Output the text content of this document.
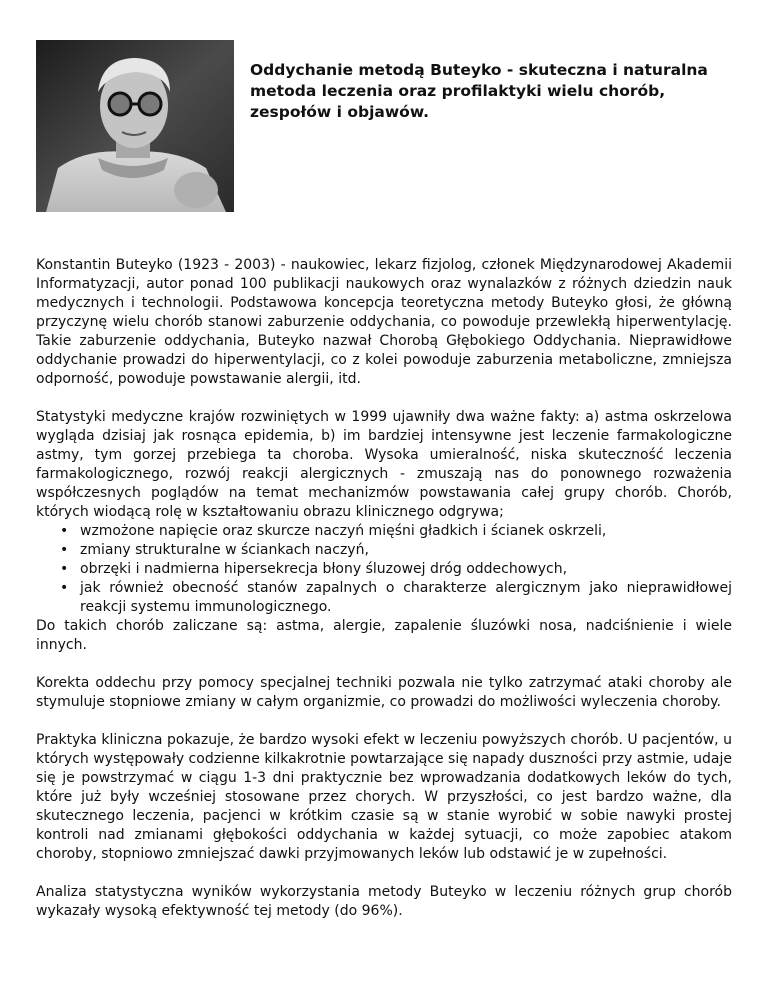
Oddychanie metodą Buteyko - skuteczna i naturalna metoda leczenia oraz profilaktyki wielu chorób, zespołów i objawów.

Konstantin Buteyko (1923 - 2003) - naukowiec, lekarz fizjolog, członek Międzynarodowej Akademii Informatyzacji, autor ponad 100 publikacji naukowych oraz wynalazków z różnych dziedzin nauk medycznych i technologii. Podstawowa koncepcja teoretyczna metody Buteyko głosi, że główną przyczynę wielu chorób stanowi zaburzenie oddychania, co powoduje przewlekłą hiperwentylację. Takie zaburzenie oddychania, Buteyko nazwał Chorobą Głębokiego Oddychania. Nieprawidłowe oddychanie prowadzi do hiperwentylacji, co z kolei powoduje zaburzenia metaboliczne, zmniejsza odporność, powoduje powstawanie alergii, itd.

Statystyki medyczne krajów rozwiniętych w 1999 ujawniły dwa ważne fakty: a) astma oskrzelowa wygląda dzisiaj jak rosnąca epidemia, b) im bardziej intensywne jest leczenie farmakologiczne astmy, tym gorzej przebiega ta choroba. Wysoka umieralność, niska skuteczność leczenia farmakologicznego, rozwój reakcji alergicznych - zmuszają nas do ponownego rozważenia współczesnych poglądów na temat mechanizmów powstawania całej grupy chorób. Chorób, których wiodącą rolę w kształtowaniu obrazu klinicznego odgrywa;

• wzmożone napięcie oraz skurcze naczyń mięśni gładkich i ścianek oskrzeli,
• zmiany strukturalne w ściankach naczyń,
• obrzęki i nadmierna hipersekrecja błony śluzowej dróg oddechowych,
• jak również obecność stanów zapalnych o charakterze alergicznym jako nieprawidłowej reakcji systemu immunologicznego.

Do takich chorób zaliczane są: astma, alergie, zapalenie śluzówki nosa, nadciśnienie i wiele innych.

Korekta oddechu przy pomocy specjalnej techniki pozwala nie tylko zatrzymać ataki choroby ale stymuluje stopniowe zmiany w całym organizmie, co prowadzi do możliwości wyleczenia choroby.

Praktyka kliniczna pokazuje, że bardzo wysoki efekt w leczeniu powyższych chorób. U pacjentów, u których występowały codzienne kilkakrotnie powtarzające się napady duszności przy astmie, udaje się je powstrzymać w ciągu 1-3 dni praktycznie bez wprowadzania dodatkowych leków do tych, które już były wcześniej stosowane przez chorych. W przyszłości, co jest bardzo ważne, dla skutecznego leczenia, pacjenci w krótkim czasie są w stanie wyrobić w sobie nawyki prostej kontroli nad zmianami głębokości oddychania w każdej sytuacji, co może zapobiec atakom choroby, stopniowo zmniejszać dawki przyjmowanych leków lub odstawić je w zupełności.

Analiza statystyczna wyników wykorzystania metody Buteyko w leczeniu różnych grup chorób wykazały wysoką efektywność tej metody (do 96%).
